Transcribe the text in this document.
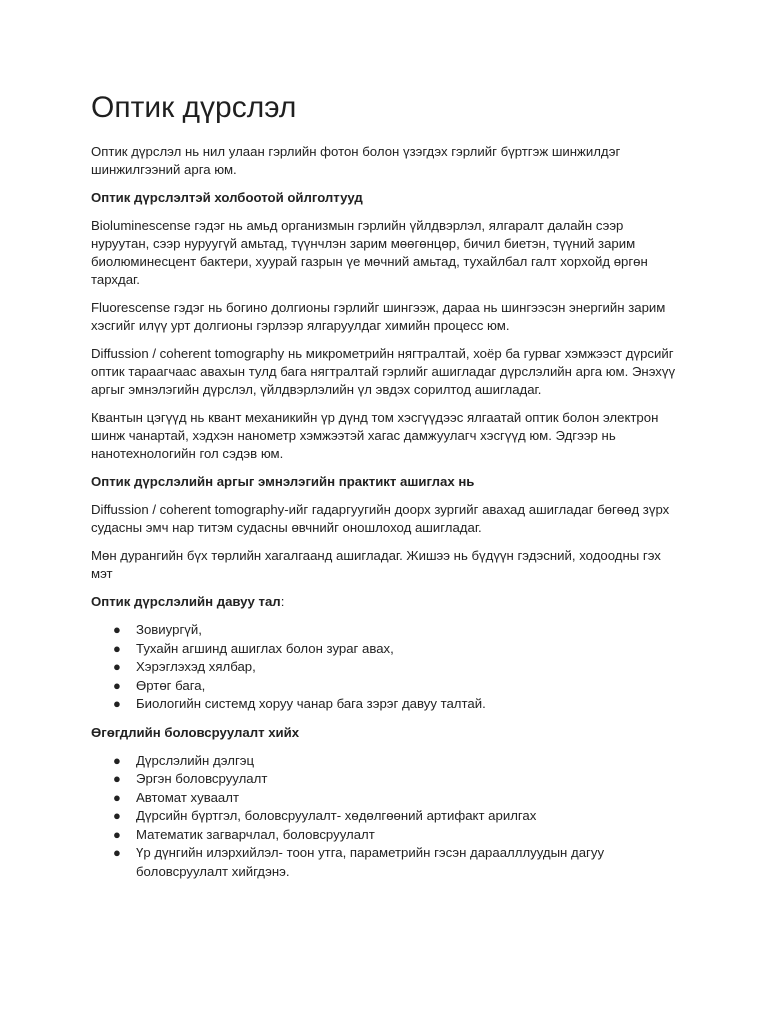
Оптик дүрслэл

Оптик дүрслэл нь нил улаан гэрлийн фотон болон үзэгдэх гэрлийг бүртгэж шинжилдэг шинжилгээний арга юм.

Оптик дүрслэлтэй холбоотой ойлголтууд

Bioluminescense гэдэг нь амьд организмын гэрлийн үйлдвэрлэл, ялгаралт далайн сээр нуруутан, сээр нуруугүй амьтад, түүнчлэн зарим мөөгөнцөр, бичил биетэн, түүний зарим биолюминесцент бактери, хуурай газрын үе мөчний амьтад, тухайлбал галт хорхойд өргөн тархдаг.

Fluorescense гэдэг нь богино долгионы гэрлийг шингээж, дараа нь шингээсэн энергийн зарим хэсгийг илүү урт долгионы гэрлээр ялгаруулдаг химийн процесс юм.

Diffussion / coherent tomography нь микрометрийн нягтралтай, хоёр ба гурваг хэмжээст дүрсийг оптик тараагчаас авахын тулд бага нягтралтай гэрлийг ашигладаг дүрслэлийн арга юм. Энэхүү аргыг эмнэлэгийн дүрслэл, үйлдвэрлэлийн үл эвдэх сорилтод ашигладаг.

Квантын цэгүүд нь квант механикийн үр дүнд том хэсгүүдээс ялгаатай оптик болон электрон шинж чанартай, хэдхэн нанометр хэмжээтэй хагас дамжуулагч хэсгүүд юм. Эдгээр нь нанотехнологийн гол сэдэв юм.

Оптик дүрслэлийн аргыг эмнэлэгийн практикт ашиглах нь

Diffussion / coherent tomography-ийг гадаргуугийн доорх зургийг авахад ашигладаг бөгөөд зүрх судасны эмч нар титэм судасны өвчнийг оношлоход ашигладаг.

Мөн дурангийн бүх төрлийн хагалгаанд ашигладаг. Жишээ нь бүдүүн гэдэсний, ходоодны гэх мэт

Оптик дүрслэлийн давуу тал:

● Зовиургүй,
● Тухайн агшинд ашиглах болон зураг авах,
● Хэрэглэхэд хялбар,
● Өртөг бага,
● Биологийн системд хоруу чанар бага зэрэг давуу талтай.

Өгөгдлийн боловсруулалт хийх

● Дүрслэлийн дэлгэц
● Эргэн боловсруулалт
● Автомат хуваалт
● Дүрсийн бүртгэл, боловсруулалт- хөдөлгөөний артифакт арилгах
● Математик загварчлал, боловсруулалт
● Үр дүнгийн илэрхийлэл- тоон утга, параметрийн гэсэн дараалллуудын дагуу боловсруулалт хийгдэнэ.
